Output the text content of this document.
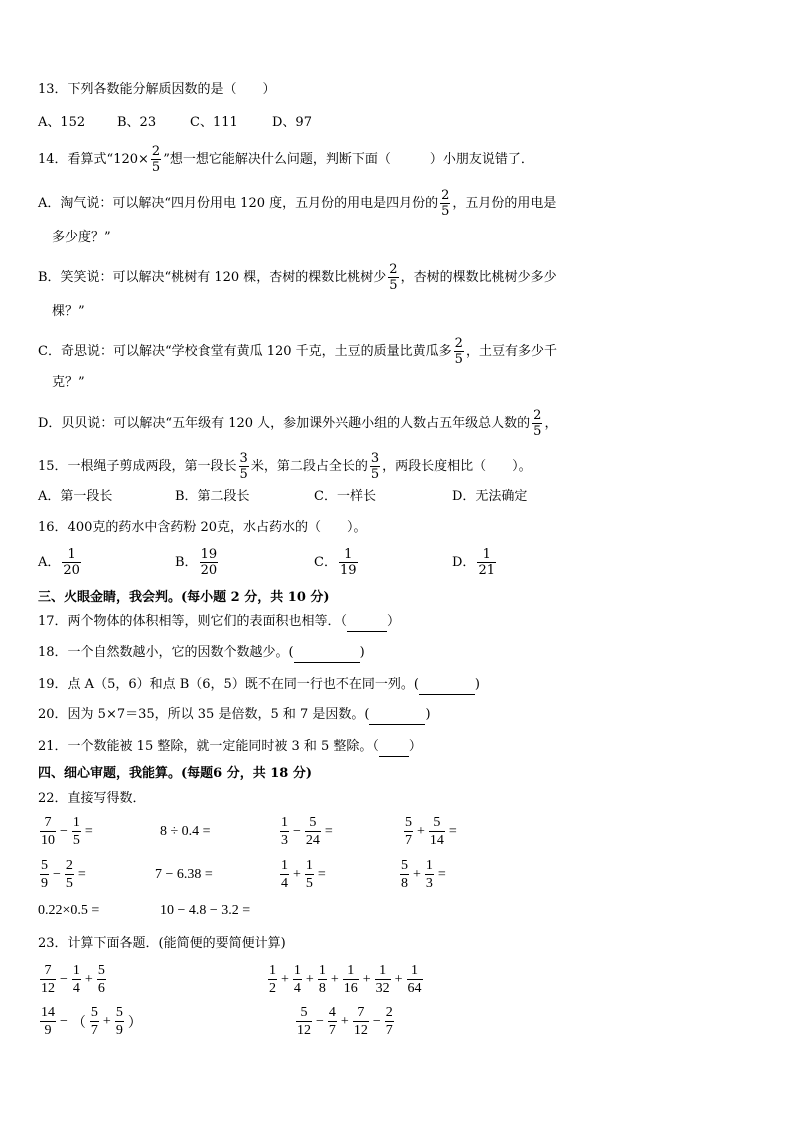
13．下列各数能分解质因数的是（　　）
A、152 B、23	C、111	D、97
14．看算式“$120\times \frac{2}{5}$ ”想一想它能解决什么问题，判断下面（　　　）小朋友说错了．
A．淘气说：可以解决“四月份用电 120 度，五月份的用电是四月份的 $\frac{2}{5}$ ，五月份的用电是
多少度？”
B．笑笑说：可以解决“桃树有 120 棵，杏树的棵数比桃树少 $\frac{2}{5}$ ，杏树的棵数比桃树少多少
棵？”
C．奇思说：可以解决“学校食堂有黄瓜 120 千克，土豆的质量比黄瓜多 $\frac{2}{5}$ ，土豆有多少千
克？”
D．贝贝说：可以解决“五年级有 120 人，参加课外兴趣小组的人数占五年级总人数的 $\frac{2}{5}$ ，
15．一根绳子剪成两段，第一段长 $\frac{3}{5}$ 米，第二段占全长的 $\frac{3}{5}$ ，两段长度相比（　　）。
A．第一段长	B．第二段长	C．一样长	D．无法确定
16．400克的药水中含药粉 20克，水占药水的（　　）。
A． $\frac{1}{20}$	B． $\frac{19}{20}$	C． $\frac{1}{19}$	D． $\frac{1}{21}$
三、火眼金睛，我会判。(每小题 2 分，共 10 分)
17．两个物体的体积相等，则它们的表面积也相等．（	）
18．一个自然数越小，它的因数个数越少。(	)
19．点 A（5，6）和点 B（6，5）既不在同一行也不在同一列。(	)
20．因为 5×7＝35，所以 35 是倍数，5 和 7 是因数。(	)
21．一个数能被 15 整除，就一定能同时被 3 和 5 整除。（ ）
四、细心审题，我能算。(每题6 分，共 18 分)
22．直接写得数．
$\frac{7}{10} - \frac{1}{5}$ =	8 ÷ 0.4 =	$\frac{1}{3} - \frac{5}{24}$ =	$\frac{5}{7} + \frac{5}{14}$ =
$\frac{5}{9} - \frac{2}{5}$ =	7 − 6.38 =	$\frac{1}{4} + \frac{1}{5}$ =	$\frac{5}{8} + \frac{1}{3}$ =
0.22×0.5 =	10 − 4.8 − 3.2 =
23．计算下面各题．(能简便的要简便计算)
$\frac{7}{12} - \frac{1}{4} + \frac{5}{6}$	$\frac{1}{2} + \frac{1}{4} + \frac{1}{8} + \frac{1}{16} + \frac{1}{32} + \frac{1}{64}$
$\frac{14}{9}$ − （ $\frac{5}{7} + \frac{5}{9}$ ）	$\frac{5}{12} - \frac{4}{7} + \frac{7}{12} - \frac{2}{7}$
